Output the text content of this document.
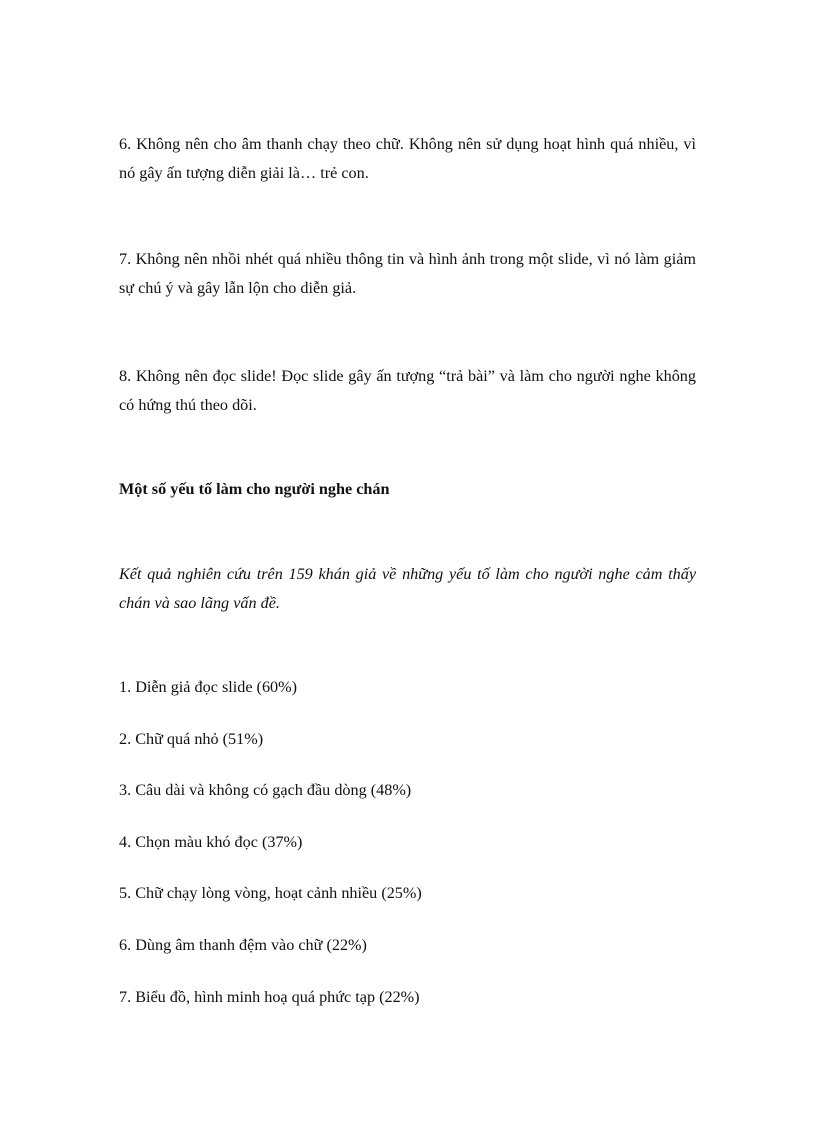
6. Không nên cho âm thanh chạy theo chữ. Không nên sử dụng hoạt hình quá nhiều, vì nó gây ấn tượng diễn giải là… trẻ con.

7. Không nên nhồi nhét quá nhiều thông tin và hình ảnh trong một slide, vì nó làm giảm sự chú ý và gây lẫn lộn cho diễn giả.

8. Không nên đọc slide! Đọc slide gây ấn tượng “trả bài” và làm cho người nghe không có hứng thú theo dõi.

Một số yếu tố làm cho người nghe chán

Kết quả nghiên cứu trên 159 khán giả về những yếu tố làm cho người nghe cảm thấy chán và sao lãng vấn đề.

1. Diễn giả đọc slide (60%)

2. Chữ quá nhỏ (51%)

3. Câu dài và không có gạch đầu dòng (48%)

4. Chọn màu khó đọc (37%)

5. Chữ chạy lòng vòng, hoạt cảnh nhiều (25%)

6. Dùng âm thanh đệm vào chữ (22%)

7. Biểu đồ, hình minh hoạ quá phức tạp (22%)
